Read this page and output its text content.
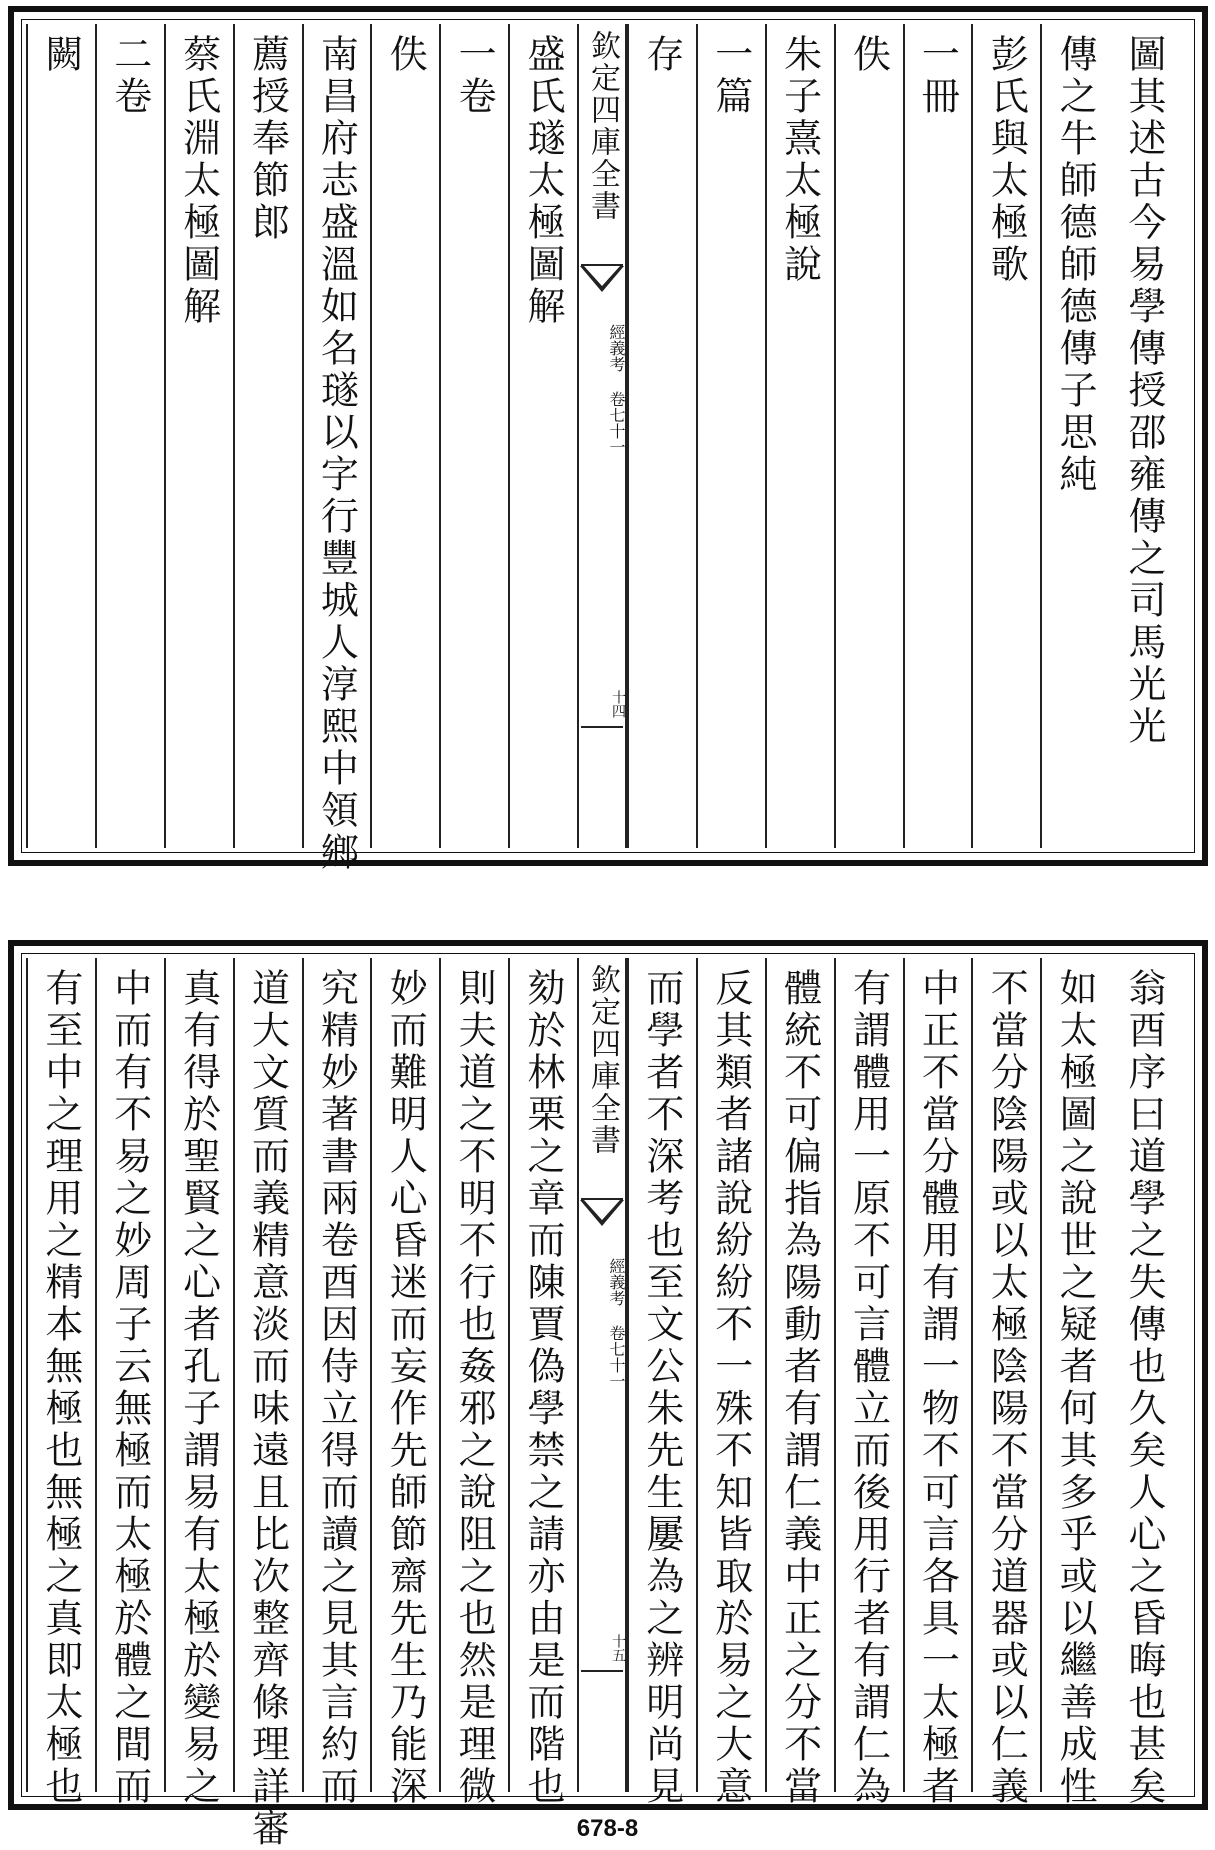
圖其述古今易學傳授邵雍傳之司馬光光
傳之牛師德師德傳子思純
彭氏與太極歌
一冊
佚
朱子熹太極說
一篇
存
欽定四庫全書
經義考 卷七十一
十四
盛氏璲太極圖解
一卷
佚
南昌府志盛溫如名璲以字行豐城人淳熙中領鄉
薦授奉節郎
蔡氏淵太極圖解
二卷
闕
翁酉序曰道學之失傳也久矣人心之昏晦也甚矣
如太極圖之說世之疑者何其多乎或以繼善成性
不當分陰陽或以太極陰陽不當分道器或以仁義
中正不當分體用有謂一物不可言各具一太極者
有謂體用一原不可言體立而後用行者有謂仁為
體統不可偏指為陽動者有謂仁義中正之分不當
反其類者諸說紛紛不一殊不知皆取於易之大意
而學者不深考也至文公朱先生屢為之辨明尚見
欽定四庫全書
經義考 卷七十一
十五
劾於林栗之章而陳賈偽學禁之請亦由是而階也
則夫道之不明不行也姦邪之說阻之也然是理微
妙而難明人心昏迷而妄作先師節齋先生乃能深
究精妙著書兩卷酉因侍立得而讀之見其言約而
道大文質而義精意淡而味遠且比次整齊條理詳審
真有得於聖賢之心者孔子謂易有太極於變易之
中而有不易之妙周子云無極而太極於體之間而
有至中之理用之精本無極也無極之真即太極也
678-8
